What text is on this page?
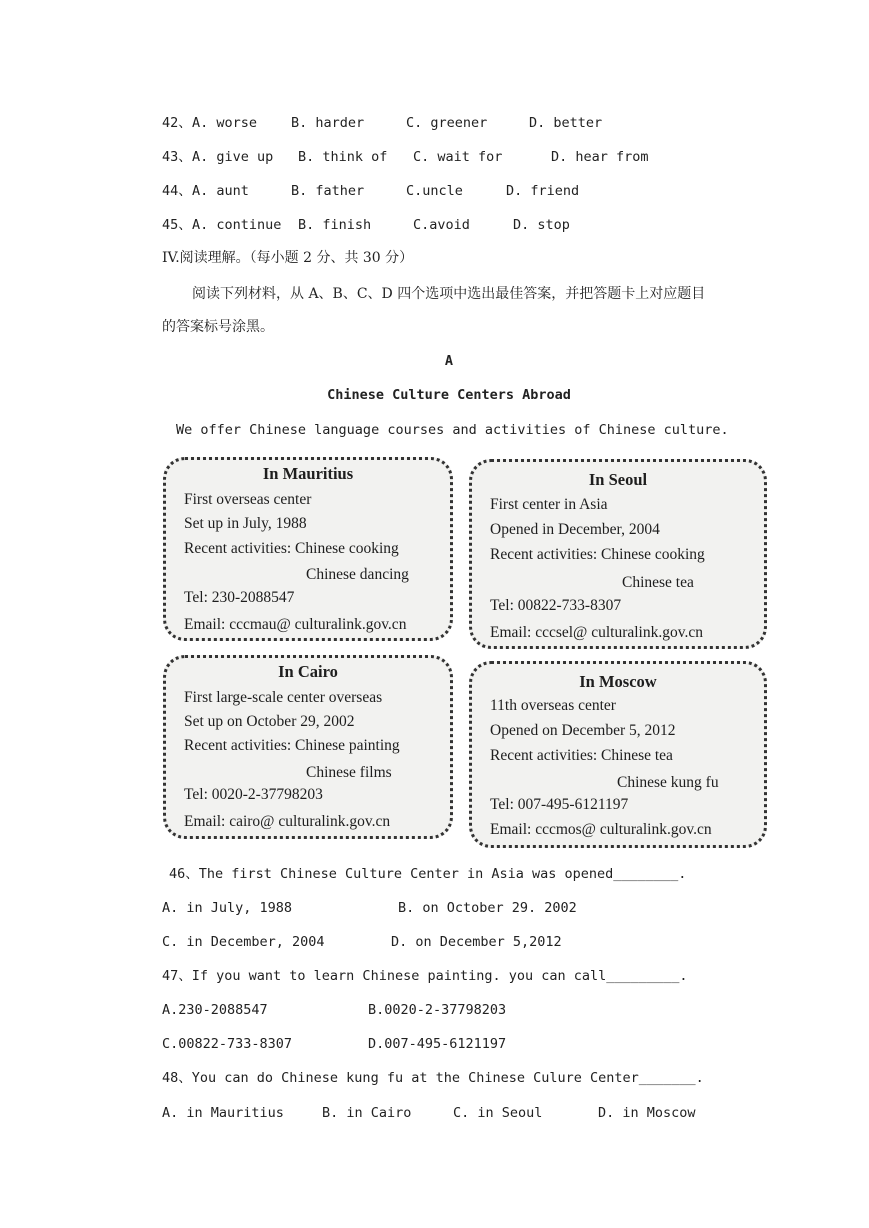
42、 A. worse	B. harder	C. greener	D. better
43、 A. give up B. think of C. wait for	D. hear from
44、 A. aunt	B. father	C.uncle	D. friend
45、 A. continue B. finish	C.avoid	D. stop
IV.阅读理解。（每小题 2 分、共 30 分）
阅读下列材料，从 A、B、C、D 四个选项中选出最佳答案，并把答题卡上对应题目
的答案标号涂黑。
A
Chinese Culture Centers Abroad
We offer Chinese language courses and activities of Chinese culture.
In Mauritius
First overseas center
Set up in July, 1988
Recent activities: Chinese cooking
Chinese dancing
Tel: 230-2088547
Email: cccmau@ culturalink.gov.cn
In Seoul
First center in Asia
Opened in December, 2004
Recent activities: Chinese cooking
Chinese tea
Tel: 00822-733-8307
Email: cccsel@ culturalink.gov.cn
In Cairo
First large-scale center overseas
Set up on October 29, 2002
Recent activities: Chinese painting
Chinese films
Tel: 0020-2-37798203
Email: cairo@ culturalink.gov.cn
In Moscow
11th overseas center
Opened on December 5, 2012
Recent activities: Chinese tea
Chinese kung fu
Tel: 007-495-6121197
Email: cccmos@ culturalink.gov.cn
46、The first Chinese Culture Center in Asia was opened________.
A. in July, 1988	B. on October 29. 2002
C. in December, 2004	D. on December 5,2012
47、If you want to learn Chinese painting. you can call_________.
A.230-2088547	B.0020-2-37798203
C.00822-733-8307	D.007-495-6121197
48、You can do Chinese kung fu at the Chinese Culure Center_______.
A. in Mauritius	B. in Cairo	C. in Seoul	D. in Moscow
